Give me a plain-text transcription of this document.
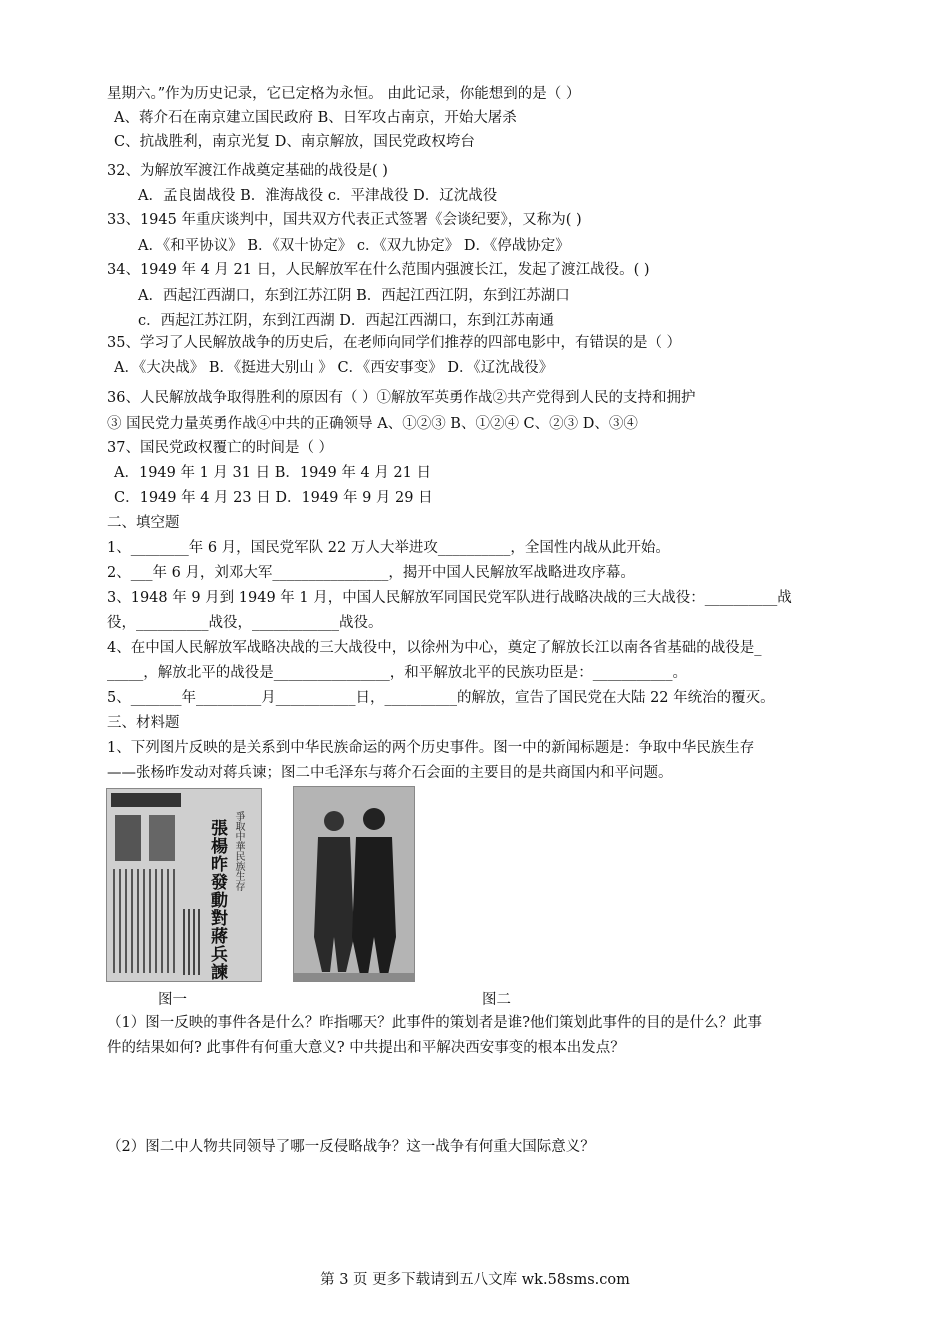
星期六。”作为历史记录，它已定格为永恒。 由此记录，你能想到的是（ ）
A、蒋介石在南京建立国民政府 B、日军攻占南京，开始大屠杀
C、抗战胜利，南京光复 D、南京解放，国民党政权垮台
32、为解放军渡江作战奠定基础的战役是( )
A．孟良崮战役 B．淮海战役 c．平津战役 D．辽沈战役
33、1945 年重庆谈判中，国共双方代表正式签署《会谈纪要》，又称为( )
A．《和平协议》 B．《双十协定》 c．《双九协定》 D．《停战协定》
34、1949 年 4 月 21 日，人民解放军在什么范围内强渡长江，发起了渡江战役。( )
A．西起江西湖口，东到江苏江阴 B．西起江西江阴，东到江苏湖口
c．西起江苏江阴，东到江西湖 D．西起江西湖口，东到江苏南通
35、学习了人民解放战争的历史后，在老师向同学们推荐的四部电影中，有错误的是（ ）
A．《大决战》 B．《挺进大别山 》 C．《西安事变》 D．《辽沈战役》
36、人民解放战争取得胜利的原因有（ ）①解放军英勇作战②共产党得到人民的支持和拥护
③ 国民党力量英勇作战④中共的正确领导 A、①②③ B、①②④ C、②③ D、③④
37、国民党政权覆亡的时间是（ ）
A．1949 年 1 月 31 日 B．1949 年 4 月 21 日
C．1949 年 4 月 23 日 D．1949 年 9 月 29 日
二、填空题
1、________年 6 月，国民党军队 22 万人大举进攻__________，全国性内战从此开始。
2、___年 6 月，刘邓大军________________，揭开中国人民解放军战略进攻序幕。
3、1948 年 9 月到 1949 年 1 月，中国人民解放军同国民党军队进行战略决战的三大战役：__________战
役，__________战役，____________战役。
4、在中国人民解放军战略决战的三大战役中，以徐州为中心，奠定了解放长江以南各省基础的战役是_
_____，解放北平的战役是________________，和平解放北平的民族功臣是：___________。
5、_______年_________月___________日，__________的解放，宣告了国民党在大陆 22 年统治的覆灭。
三、材料题
1、下列图片反映的是关系到中华民族命运的两个历史事件。图一中的新闻标题是：争取中华民族生存
——张杨昨发动对蒋兵谏；图二中毛泽东与蒋介石会面的主要目的是共商国内和平问题。
爭取中華民族生存
張楊昨發動對蔣兵諫
图一	图二
（1）图一反映的事件各是什么？昨指哪天？此事件的策划者是谁?他们策划此事件的目的是什么？此事
件的结果如何? 此事件有何重大意义? 中共提出和平解决西安事变的根本出发点？
（2）图二中人物共同领导了哪一反侵略战争？这一战争有何重大国际意义？
第 3 页 更多下载请到五八文库 wk.58sms.com
